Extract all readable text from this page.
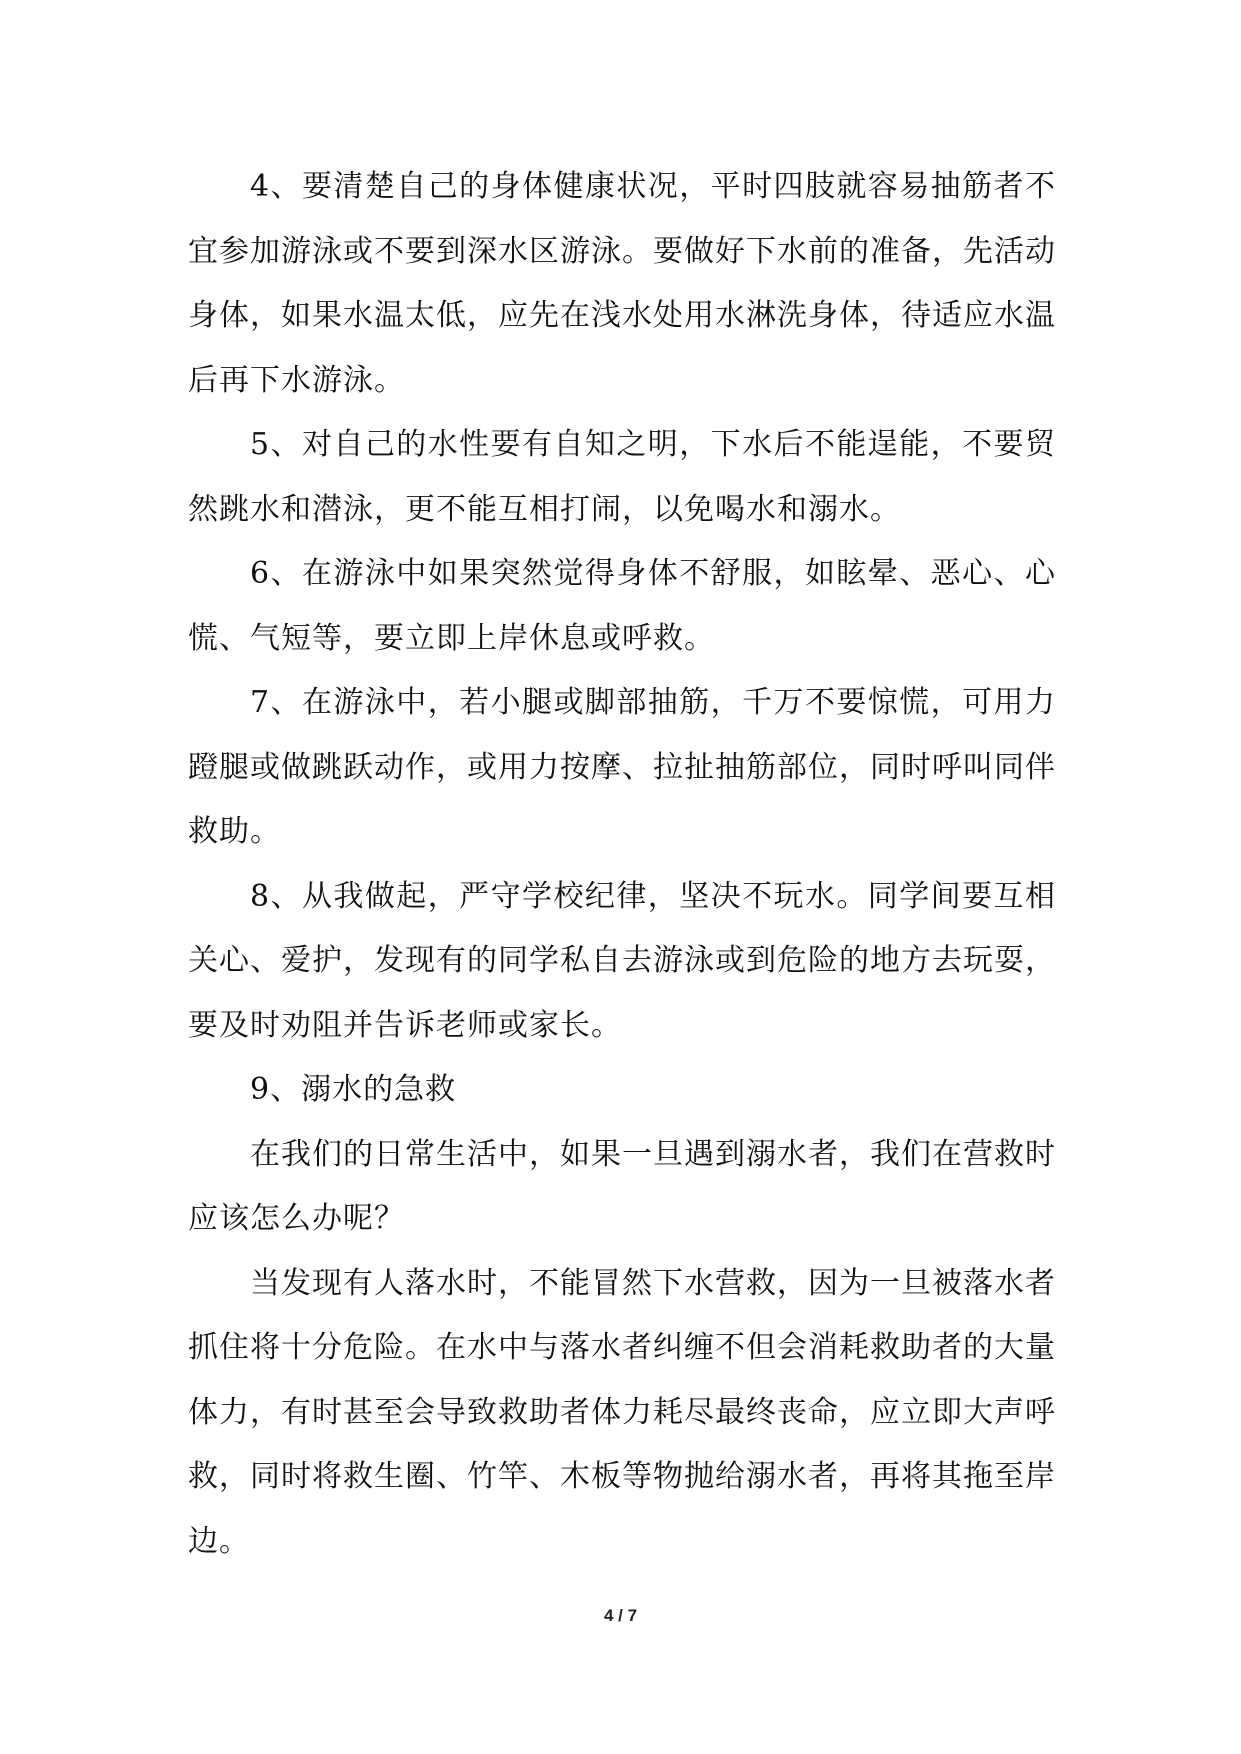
4、要清楚自己的身体健康状况，平时四肢就容易抽筋者不宜参加游泳或不要到深水区游泳。要做好下水前的准备，先活动身体，如果水温太低，应先在浅水处用水淋洗身体，待适应水温后再下水游泳。

5、对自己的水性要有自知之明，下水后不能逞能，不要贸然跳水和潜泳，更不能互相打闹，以免喝水和溺水。

6、在游泳中如果突然觉得身体不舒服，如眩晕、恶心、心慌、气短等，要立即上岸休息或呼救。

7、在游泳中，若小腿或脚部抽筋，千万不要惊慌，可用力蹬腿或做跳跃动作，或用力按摩、拉扯抽筋部位，同时呼叫同伴救助。

8、从我做起，严守学校纪律，坚决不玩水。同学间要互相关心、爱护，发现有的同学私自去游泳或到危险的地方去玩耍，要及时劝阻并告诉老师或家长。

9、溺水的急救

在我们的日常生活中，如果一旦遇到溺水者，我们在营救时应该怎么办呢？

当发现有人落水时，不能冒然下水营救，因为一旦被落水者抓住将十分危险。在水中与落水者纠缠不但会消耗救助者的大量体力，有时甚至会导致救助者体力耗尽最终丧命，应立即大声呼救，同时将救生圈、竹竿、木板等物抛给溺水者，再将其拖至岸边。

4 / 7
